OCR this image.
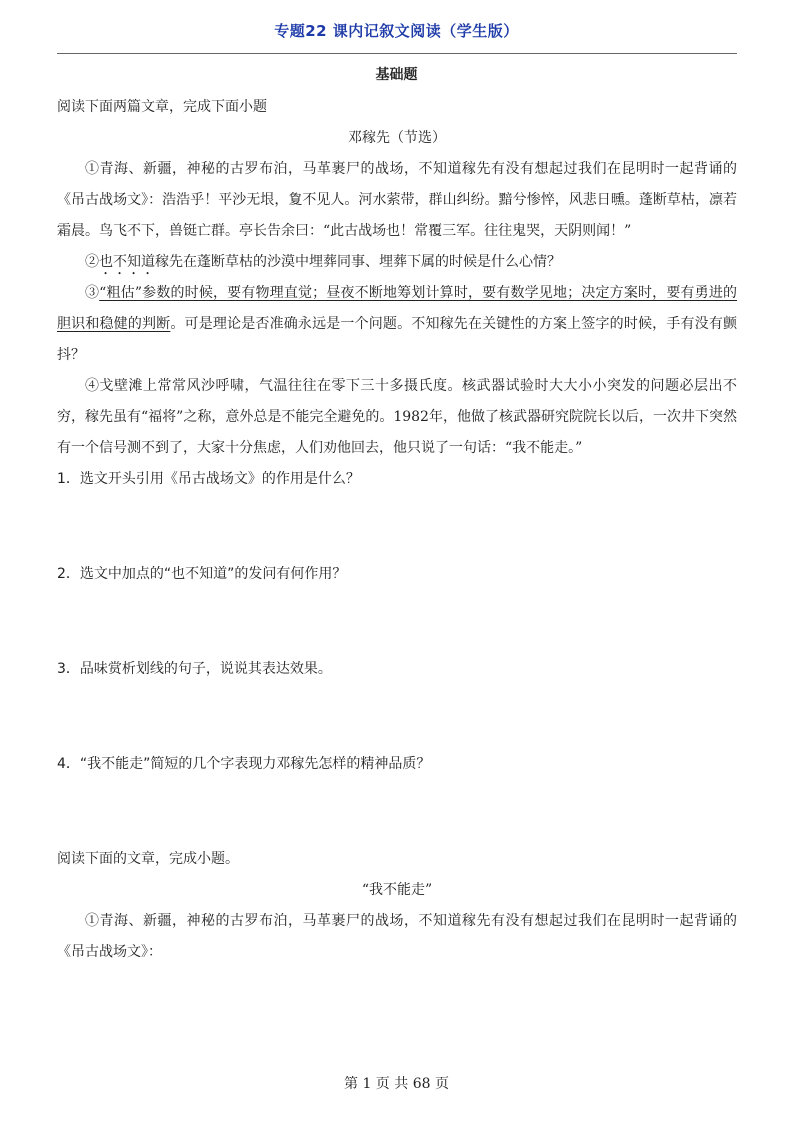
专题22 课内记叙文阅读（学生版）
基础题
阅读下面两篇文章，完成下面小题
邓稼先（节选）
①青海、新疆，神秘的古罗布泊，马革裹尸的战场，不知道稼先有没有想起过我们在昆明时一起背诵的《吊古战场文》：浩浩乎！平沙无垠，夐不见人。河水萦带，群山纠纷。黯兮惨悴，风悲日曛。蓬断草枯，凛若霜晨。鸟飞不下，兽铤亡群。亭长告余曰：“此古战场也！常覆三军。往往鬼哭，天阴则闻！”
②也不知道稼先在蓬断草枯的沙漠中埋葬同事、埋葬下属的时候是什么心情？
③“粗估”参数的时候，要有物理直觉；昼夜不断地筹划计算时，要有数学见地；决定方案时，要有勇进的胆识和稳健的判断。可是理论是否准确永远是一个问题。不知稼先在关键性的方案上签字的时候，手有没有颤抖？
④戈壁滩上常常风沙呼啸，气温往往在零下三十多摄氏度。核武器试验时大大小小突发的问题必层出不穷，稼先虽有“福将”之称，意外总是不能完全避免的。1982年，他做了核武器研究院院长以后，一次井下突然有一个信号测不到了，大家十分焦虑，人们劝他回去，他只说了一句话：“我不能走。”
1．选文开头引用《吊古战场文》的作用是什么？
2．选文中加点的“也不知道”的发问有何作用？
3．品味赏析划线的句子，说说其表达效果。
4．“我不能走”简短的几个字表现力邓稼先怎样的精神品质？
阅读下面的文章，完成小题。
“我不能走”
①青海、新疆，神秘的古罗布泊，马革裹尸的战场，不知道稼先有没有想起过我们在昆明时一起背诵的《吊古战场文》：
第 1 页 共 68 页
